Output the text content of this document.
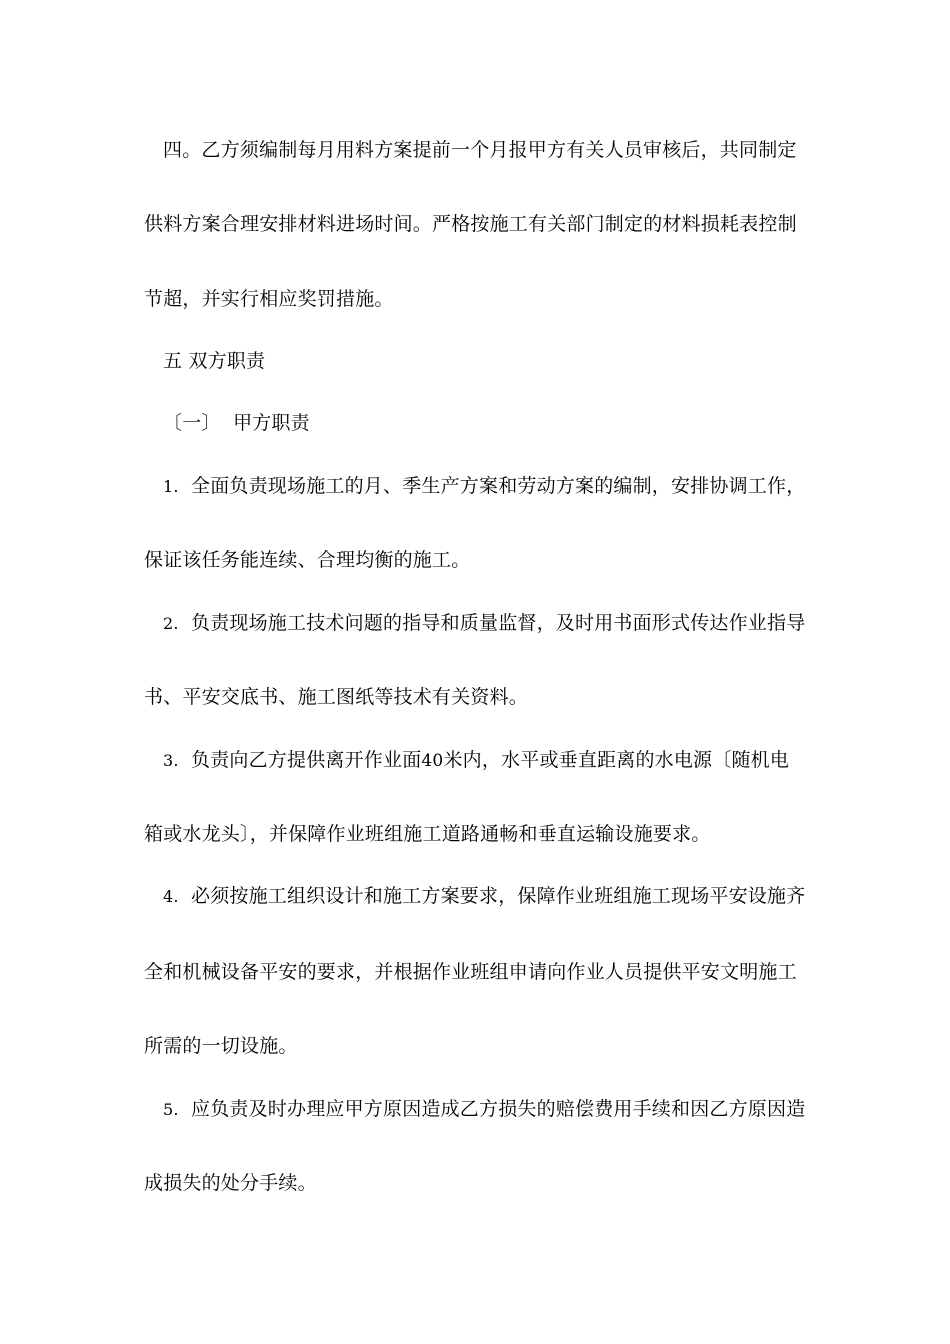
四。乙方须编制每月用料方案提前一个月报甲方有关人员审核后，共同制定
供料方案合理安排材料进场时间。严格按施工有关部门制定的材料损耗表控制
节超，并实行相应奖罚措施。
五 双方职责
〔一〕  甲方职责
1. 全面负责现场施工的月、季生产方案和劳动方案的编制，安排协调工作，
保证该任务能连续、合理均衡的施工。
2. 负责现场施工技术问题的指导和质量监督，及时用书面形式传达作业指导
书、平安交底书、施工图纸等技术有关资料。
3. 负责向乙方提供离开作业面40米内，水平或垂直距离的水电源〔随机电
箱或水龙头〕，并保障作业班组施工道路通畅和垂直运输设施要求。
4. 必须按施工组织设计和施工方案要求，保障作业班组施工现场平安设施齐
全和机械设备平安的要求，并根据作业班组申请向作业人员提供平安文明施工
所需的一切设施。
5. 应负责及时办理应甲方原因造成乙方损失的赔偿费用手续和因乙方原因造
成损失的处分手续。
